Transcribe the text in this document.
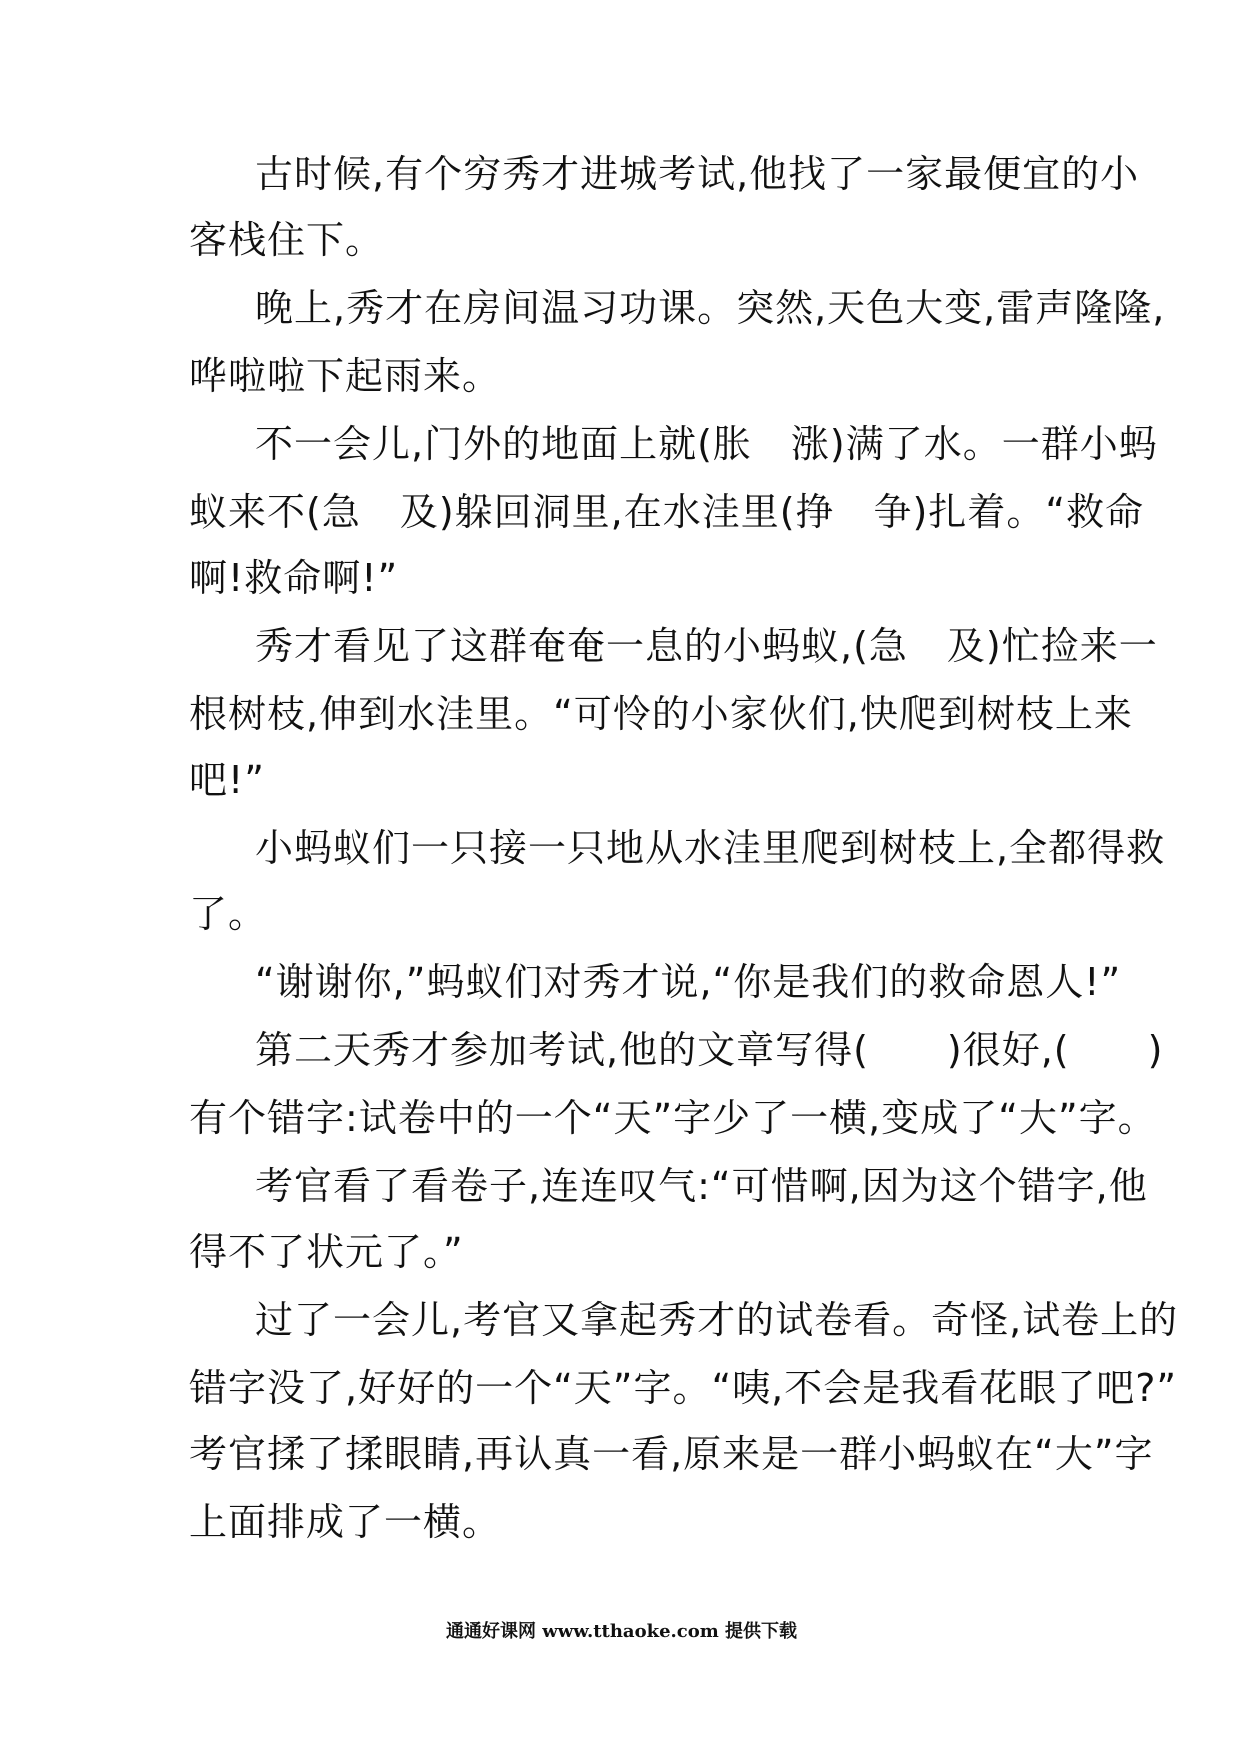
古时候,有个穷秀才进城考试,他找了一家最便宜的小
客栈住下。
晚上,秀才在房间温习功课。突然,天色大变,雷声隆隆,
哗啦啦下起雨来。
不一会儿,门外的地面上就(胀　涨)满了水。一群小蚂
蚁来不(急　及)躲回洞里,在水洼里(挣　争)扎着。“救命
啊!救命啊!”
秀才看见了这群奄奄一息的小蚂蚁,(急　及)忙捡来一
根树枝,伸到水洼里。“可怜的小家伙们,快爬到树枝上来
吧!”
小蚂蚁们一只接一只地从水洼里爬到树枝上,全都得救
了。
“谢谢你,”蚂蚁们对秀才说,“你是我们的救命恩人!”
第二天秀才参加考试,他的文章写得(　　)很好,(　　)
有个错字:试卷中的一个“天”字少了一横,变成了“大”字。
考官看了看卷子,连连叹气:“可惜啊,因为这个错字,他
得不了状元了。”
过了一会儿,考官又拿起秀才的试卷看。奇怪,试卷上的
错字没了,好好的一个“天”字。“咦,不会是我看花眼了吧?”
考官揉了揉眼睛,再认真一看,原来是一群小蚂蚁在“大”字
上面排成了一横。
通通好课网 www.tthaoke.com 提供下载
